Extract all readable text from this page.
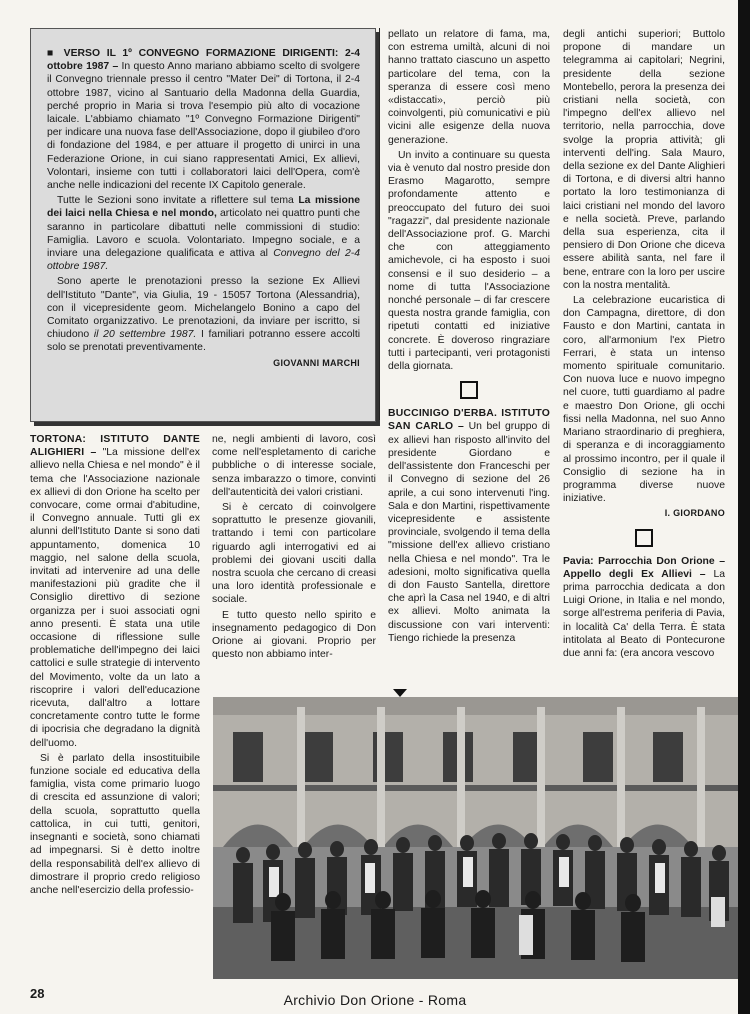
■ VERSO IL 1º CONVEGNO FORMAZIONE DIRIGENTI: 2-4 ottobre 1987 – In questo Anno mariano abbiamo scelto di svolgere il Convegno triennale presso il centro "Mater Dei" di Tortona, il 2-4 ottobre 1987, vicino al Santuario della Madonna della Guardia, perché proprio in Maria si trova l'esempio più alto di vocazione laicale. L'abbiamo chiamato "1º Convegno Formazione Dirigenti" per indicare una nuova fase dell'Associazione, dopo il giubileo d'oro di fondazione del 1984, e per attuare il progetto di unirci in una Federazione Orione, in cui siano rappresentati Amici, Ex allievi, Volontari, insieme con tutti i collaboratori laici dell'Opera, com'è anche nelle indicazioni del recente IX Capitolo generale.

Tutte le Sezioni sono invitate a riflettere sul tema La missione dei laici nella Chiesa e nel mondo, articolato nei quattro punti che saranno in particolare dibattuti nelle commissioni di studio: Famiglia. Lavoro e scuola. Volontariato. Impegno sociale, e a inviare una delegazione qualificata e attiva al Convegno del 2-4 ottobre 1987.

Sono aperte le prenotazioni presso la sezione Ex Allievi dell'Istituto "Dante", via Giulia, 19 - 15057 Tortona (Alessandria), con il vicepresidente geom. Michelangelo Bonino a capo del Comitato organizzativo. Le prenotazioni, da inviare per iscritto, si chiudono il 20 settembre 1987. I familiari potranno essere accolti solo se prenotati preventivamente.

GIOVANNI MARCHI

TORTONA: ISTITUTO DANTE ALIGHIERI – "La missione dell'ex allievo nella Chiesa e nel mondo" è il tema che l'Associazione nazionale ex allievi di don Orione ha scelto per convocare, come ormai d'abitudine, il Convegno annuale. Tutti gli ex alunni dell'Istituto Dante si sono dati appuntamento, domenica 10 maggio, nel salone della scuola, invitati ad intervenire ad una delle manifestazioni più gradite che il Consiglio direttivo di sezione organizza per i suoi associati ogni anno presenti. È stata una utile occasione di riflessione sulle problematiche dell'impegno dei laici cattolici e sulle strategie di intervento del Movimento, volte da un lato a riscoprire i valori dell'educazione ricevuta, dall'altro a lottare concretamente contro tutte le forme di ipocrisia che degradano la dignità dell'uomo.

Si è parlato della insostituibile funzione sociale ed educativa della famiglia, vista come primario luogo di crescita ed assunzione di valori; della scuola, soprattutto quella cattolica, in cui tutti, genitori, insegnanti e società, sono chiamati ad impegnarsi. Si è detto inoltre della responsabilità dell'ex allievo di dimostrare il proprio credo religioso anche nell'esercizio della professio-

ne, negli ambienti di lavoro, così come nell'espletamento di cariche pubbliche o di interesse sociale, senza imbarazzo o timore, convinti dell'autenticità dei valori cristiani.

Si è cercato di coinvolgere soprattutto le presenze giovanili, trattando i temi con particolare riguardo agli interrogativi ed ai problemi dei giovani usciti dalla nostra scuola che cercano di creasi una loro identità professionale e sociale.

E tutto questo nello spirito e insegnamento pedagogico di Don Orione ai giovani. Proprio per questo non abbiamo inter-

pellato un relatore di fama, ma, con estrema umiltà, alcuni di noi hanno trattato ciascuno un aspetto particolare del tema, con la speranza di essere così meno «distaccati», perciò più coinvolgenti, più comunicativi e più vicini alle esigenze della nuova generazione.

Un invito a continuare su questa via è venuto dal nostro preside don Erasmo Magarotto, sempre profondamente attento e preoccupato del futuro dei suoi "ragazzi", dal presidente nazionale dell'Associazione prof. G. Marchi che con atteggiamento amichevole, ci ha esposto i suoi consensi e il suo desiderio – a nome di tutta l'Associazione nonché personale – di far crescere questa nostra grande famiglia, con ripetuti contatti ed iniziative concrete. È doveroso ringraziare tutti i partecipanti, veri protagonisti della giornata.

BUCCINIGO D'ERBA. ISTITUTO SAN CARLO – Un bel gruppo di ex allievi han risposto all'invito del presidente Giordano e dell'assistente don Franceschi per il Convegno di sezione del 26 aprile, a cui sono intervenuti l'ing. Sala e don Martini, rispettivamente vicepresidente e assistente provinciale, svolgendo il tema della "missione dell'ex allievo cristiano nella Chiesa e nel mondo". Tra le adesioni, molto significativa quella di don Fausto Santella, direttore che aprì la Casa nel 1940, e di altri ex allievi. Molto animata la discussione con vari interventi: Tiengo richiede la presenza

degli antichi superiori; Buttolo propone di mandare un telegramma ai capitolari; Negrini, presidente della sezione Montebello, perora la presenza dei cristiani nella società, con l'impegno dell'ex allievo nel territorio, nella parrocchia, dove svolge la propria attività; gli interventi dell'ing. Sala Mauro, della sezione ex del Dante Alighieri di Tortona, e di diversi altri hanno portato la loro testimonianza di laici cristiani nel mondo del lavoro e nella società. Preve, parlando della sua esperienza, cita il pensiero di Don Orione che diceva essere abilità santa, nel fare il bene, entrare con la loro per uscire con la nostra mentalità.

La celebrazione eucaristica di don Campagna, direttore, di don Fausto e don Martini, cantata in coro, all'armonium l'ex Pietro Ferrari, è stata un intenso momento spirituale comunitario. Con nuova luce e nuovo impegno nel cuore, tutti guardiamo al padre e maestro Don Orione, gli occhi fissi nella Madonna, nel suo Anno Mariano straordinario di preghiera, di speranza e di incoraggiamento al prossimo incontro, per il quale il Consiglio di sezione ha in programma diverse nuove iniziative.

I. GIORDANO

Pavia: Parrocchia Don Orione – Appello degli Ex Allievi – La prima parrocchia dedicata a don Luigi Orione, in Italia e nel mondo, sorge all'estrema periferia di Pavia, in località Ca' della Terra. È stata intitolata al Beato di Pontecurone due anni fa: (era ancora vescovo

28	Archivio Don Orione - Roma
